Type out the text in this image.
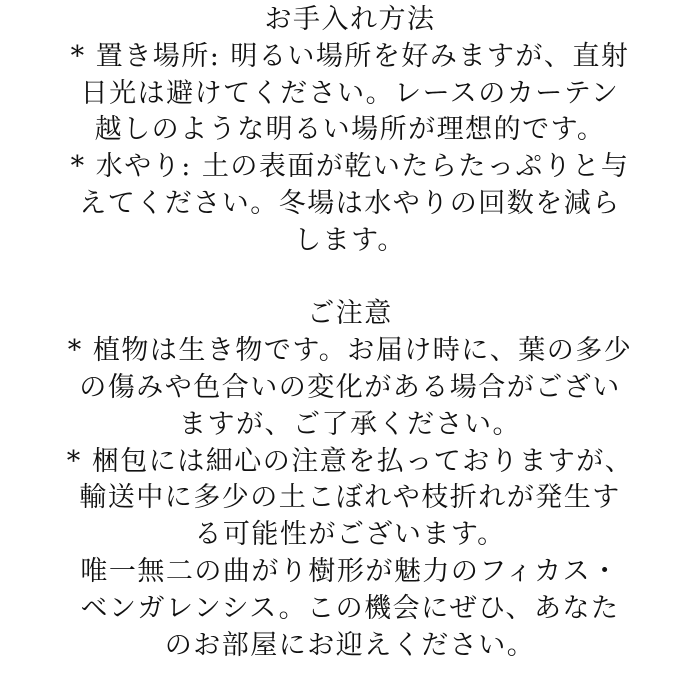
お手入れ方法
* 置き場所: 明るい場所を好みますが、直射
日光は避けてください。レースのカーテン
越しのような明るい場所が理想的です。
* 水やり: 土の表面が乾いたらたっぷりと与
えてください。冬場は水やりの回数を減ら
します。
ご注意
* 植物は生き物です。お届け時に、葉の多少
の傷みや色合いの変化がある場合がござい
ますが、ご了承ください。
* 梱包には細心の注意を払っておりますが、
輸送中に多少の土こぼれや枝折れが発生す
る可能性がございます。
唯一無二の曲がり樹形が魅力のフィカス・
ベンガレンシス。この機会にぜひ、あなた
のお部屋にお迎えください。
